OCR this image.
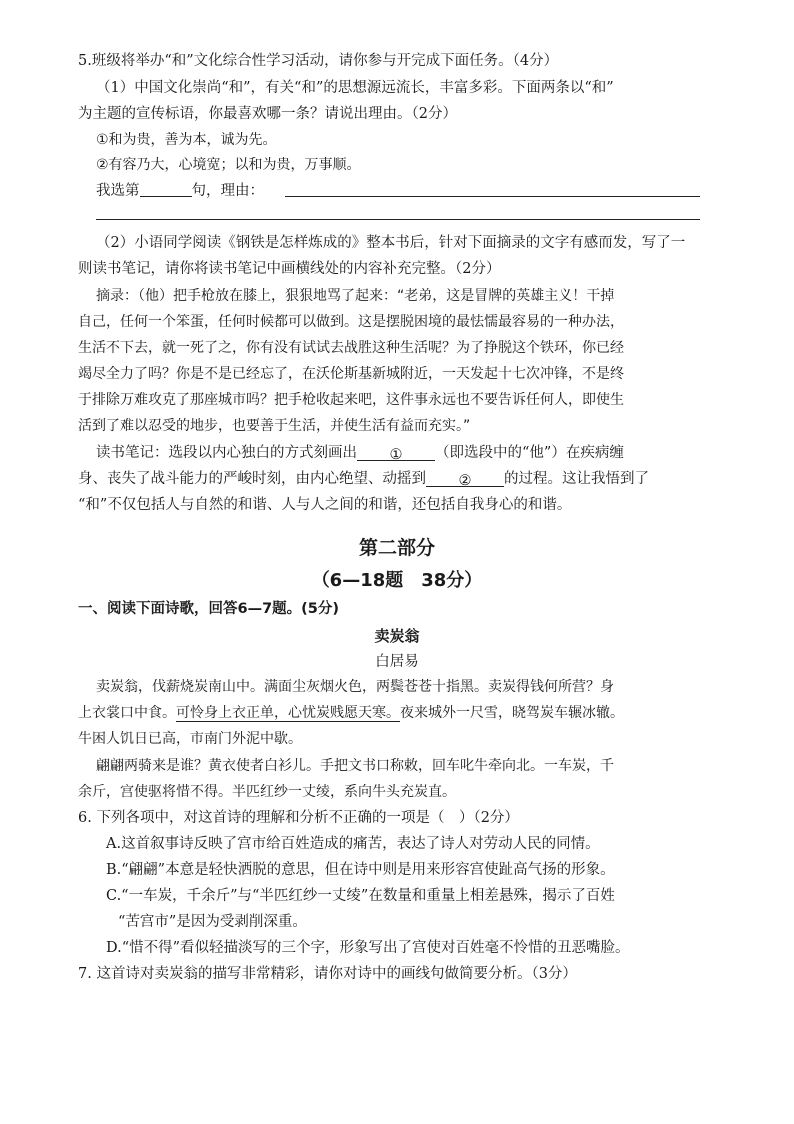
5.班级将举办“和”文化综合性学习活动，请你参与开完成下面任务。（4分）
（1）中国文化崇尚“和”，有关“和”的思想源远流长，丰富多彩。下面两条以“和”
为主题的宣传标语，你最喜欢哪一条？请说出理由。（2分）
①和为贵，善为本，诚为先。
②有容乃大，心境宽；以和为贵，万事顺。
我选第	句，理由：
（2）小语同学阅读《钢铁是怎样炼成的》整本书后，针对下面摘录的文字有感而发，写了一
则读书笔记，请你将读书笔记中画横线处的内容补充完整。（2分）
摘录：（他）把手枪放在膝上，狠狠地骂了起来：“老弟，这是冒牌的英雄主义！干掉
自己，任何一个笨蛋，任何时候都可以做到。这是摆脱困境的最怯懦最容易的一种办法，
生活不下去，就一死了之，你有没有试试去战胜这种生活呢？为了挣脱这个铁环，你已经
竭尽全力了吗？你是不是已经忘了，在沃伦斯基新城附近，一天发起十七次冲锋，不是终
于排除万难攻克了那座城市吗？把手枪收起来吧，这件事永远也不要告诉任何人，即使生
活到了难以忍受的地步，也要善于生活，并使生活有益而充实。”
读书笔记：选段以内心独白的方式刻画出 ① （即选段中的“他”）在疾病缠
身、丧失了战斗能力的严峻时刻，由内心绝望、动摇到 ② 的过程。这让我悟到了
“和”不仅包括人与自然的和谐、人与人之间的和谐，还包括自我身心的和谐。
第二部分
（6—18题　38分）
一、阅读下面诗歌，回答6—7题。(5分)
卖炭翁
白居易
卖炭翁，伐薪烧炭南山中。满面尘灰烟火色，两鬓苍苍十指黑。卖炭得钱何所营？身
上衣裳口中食。可怜身上衣正单，心忧炭贱愿天寒。夜来城外一尺雪，晓驾炭车辗冰辙。
牛困人饥日已高，市南门外泥中歇。
翩翩两骑来是谁？黄衣使者白衫儿。手把文书口称敕，回车叱牛牵向北。一车炭，千
余斤，宫使驱将惜不得。半匹红纱一丈绫，系向牛头充炭直。
6. 下列各项中，对这首诗的理解和分析不正确的一项是（　）（2分）
A.这首叙事诗反映了宫市给百姓造成的痛苦，表达了诗人对劳动人民的同情。
B.“翩翩”本意是轻快洒脱的意思，但在诗中则是用来形容宫使趾高气扬的形象。
C.“一车炭，千余斤”与“半匹红纱一丈绫”在数量和重量上相差悬殊，揭示了百姓
“苦宫市”是因为受剥削深重。
D.“惜不得”看似轻描淡写的三个字，形象写出了宫使对百姓毫不怜惜的丑恶嘴脸。
7. 这首诗对卖炭翁的描写非常精彩，请你对诗中的画线句做简要分析。（3分）
